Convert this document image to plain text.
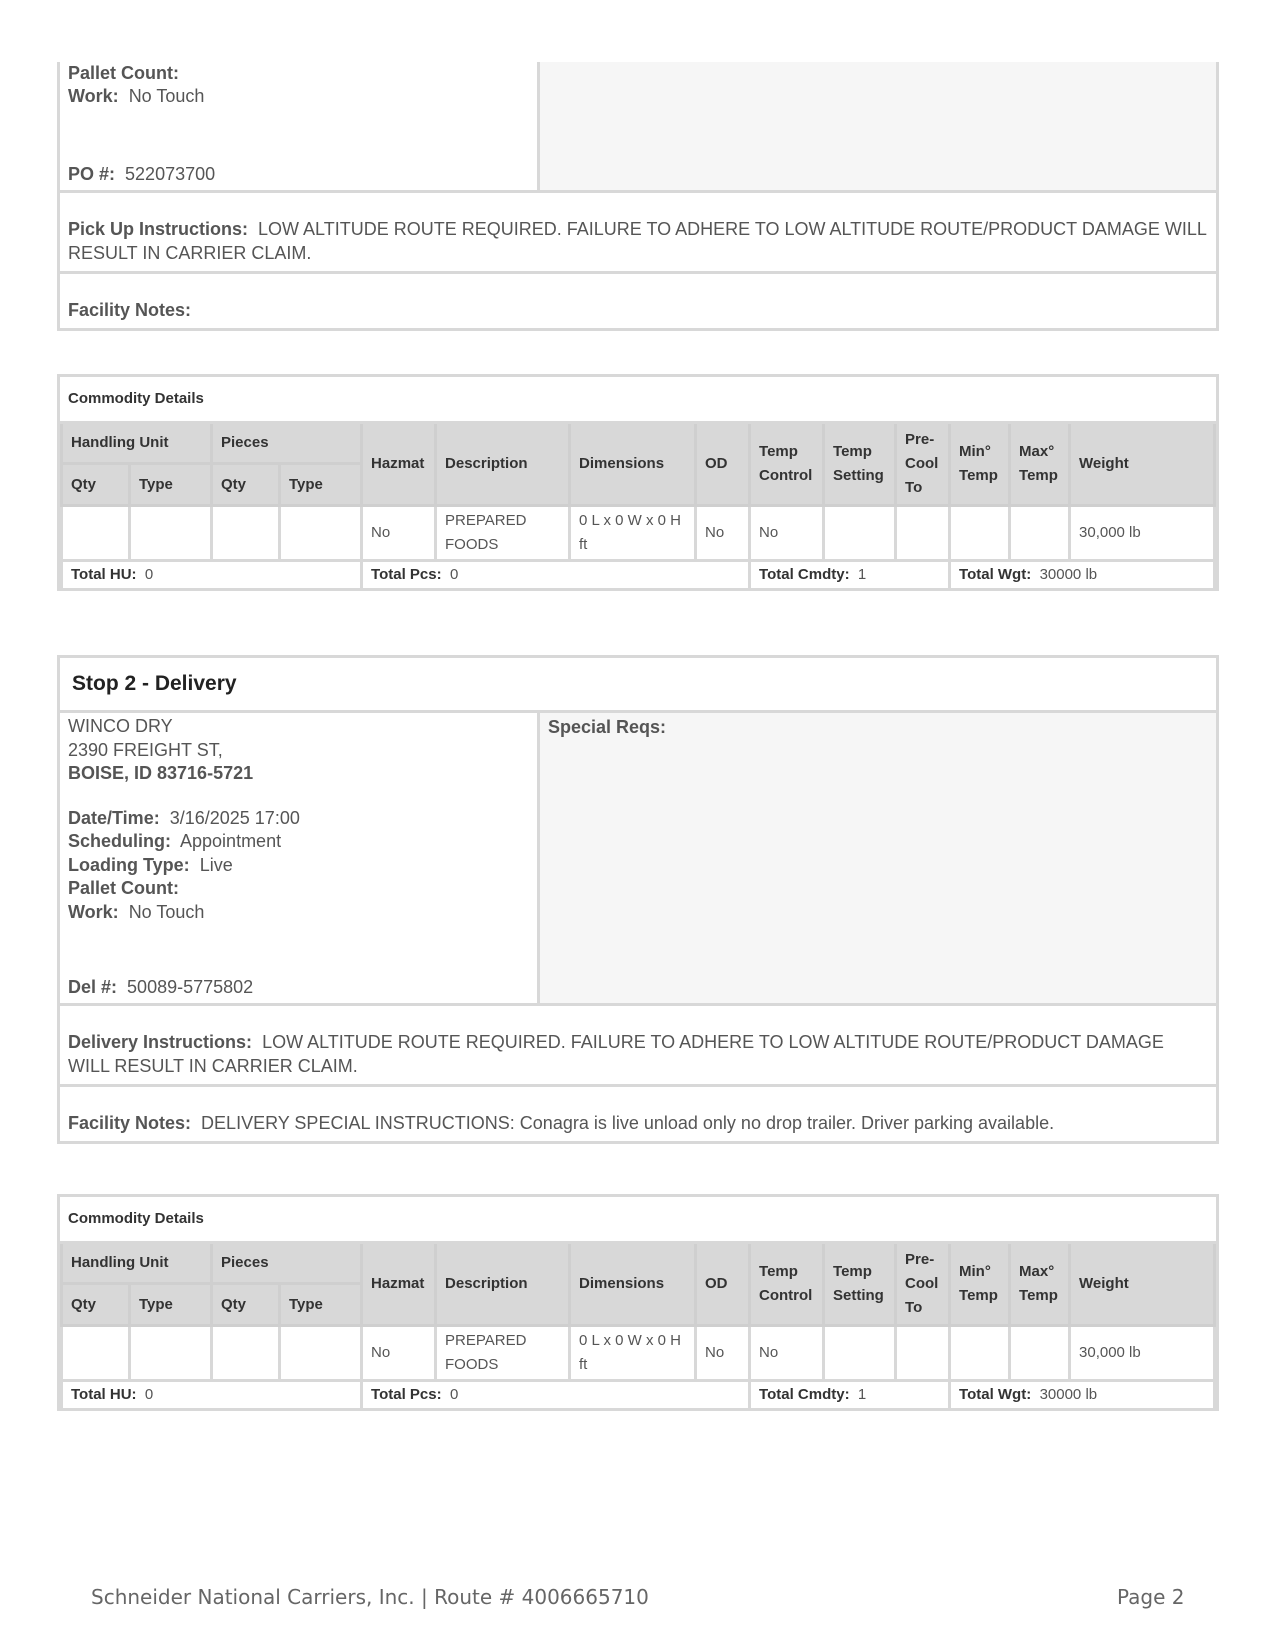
Pallet Count:
Work: No Touch
PO #: 522073700
Pick Up Instructions: LOW ALTITUDE ROUTE REQUIRED. FAILURE TO ADHERE TO LOW ALTITUDE ROUTE/PRODUCT DAMAGE WILL RESULT IN CARRIER CLAIM.
Facility Notes:
Commodity Details
Handling Unit		Pieces		Hazmat	Description	Dimensions	OD	Temp Control	Temp Setting	Pre-Cool To	Min° Temp	Max° Temp	Weight
Qty	Type	Qty	Type										
				No	PREPARED FOODS	0 L x 0 W x 0 H ft	No	No					30,000 lb
Total HU: 0				Total Pcs: 0				Total Cmdty: 1			Total Wgt: 30000 lb		
Stop 2 - Delivery
WINCO DRY
2390 FREIGHT ST,
BOISE, ID 83716-5721
Date/Time: 3/16/2025 17:00
Scheduling: Appointment
Loading Type: Live
Pallet Count:
Work: No Touch
Del #: 50089-5775802
Special Reqs:
Delivery Instructions: LOW ALTITUDE ROUTE REQUIRED. FAILURE TO ADHERE TO LOW ALTITUDE ROUTE/PRODUCT DAMAGE WILL RESULT IN CARRIER CLAIM.
Facility Notes: DELIVERY SPECIAL INSTRUCTIONS: Conagra is live unload only no drop trailer. Driver parking available.
Commodity Details
Handling Unit		Pieces		Hazmat	Description	Dimensions	OD	Temp Control	Temp Setting	Pre-Cool To	Min° Temp	Max° Temp	Weight
Qty	Type	Qty	Type										
				No	PREPARED FOODS	0 L x 0 W x 0 H ft	No	No					30,000 lb
Total HU: 0				Total Pcs: 0				Total Cmdty: 1			Total Wgt: 30000 lb		
Schneider National Carriers, Inc. | Route # 4006665710	Page 2
